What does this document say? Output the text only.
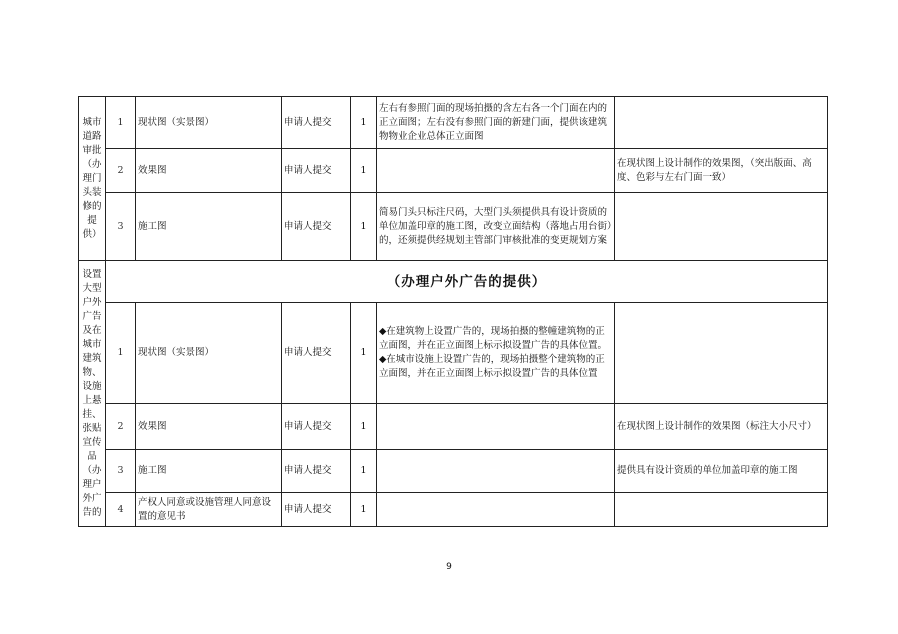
城市道路审批（办理门头装修的提供）	1	现状图（实景图）	申请人提交	1	左右有参照门面的现场拍摄的含左右各一个门面在内的正立面图；左右没有参照门面的新建门面，提供该建筑物物业企业总体正立面图	
	2	效果图	申请人提交	1		在现状图上设计制作的效果图，（突出版面、高度、色彩与左右门面一致）
	3	施工图	申请人提交	1	简易门头只标注尺码，大型门头须提供具有设计资质的单位加盖印章的施工图，改变立面结构（落地占用台街）的，还须提供经规划主管部门审核批准的变更规划方案	
设置大型户外广告及在城市建筑物、设施上悬挂、张贴宣传品（办理户外广告的	（办理户外广告的提供）					
	1	现状图（实景图）	申请人提交	1	◆在建筑物上设置广告的，现场拍摄的整幢建筑物的正立面图，并在正立面图上标示拟设置广告的具体位置。
◆在城市设施上设置广告的，现场拍摄整个建筑物的正立面图，并在正立面图上标示拟设置广告的具体位置	

	2	效果图	申请人提交	1		在现状图上设计制作的效果图（标注大小尺寸）
	3	施工图	申请人提交	1		提供具有设计资质的单位加盖印章的施工图
	4	产权人同意或设施管理人同意设置的意见书	申请人提交	1		
9
